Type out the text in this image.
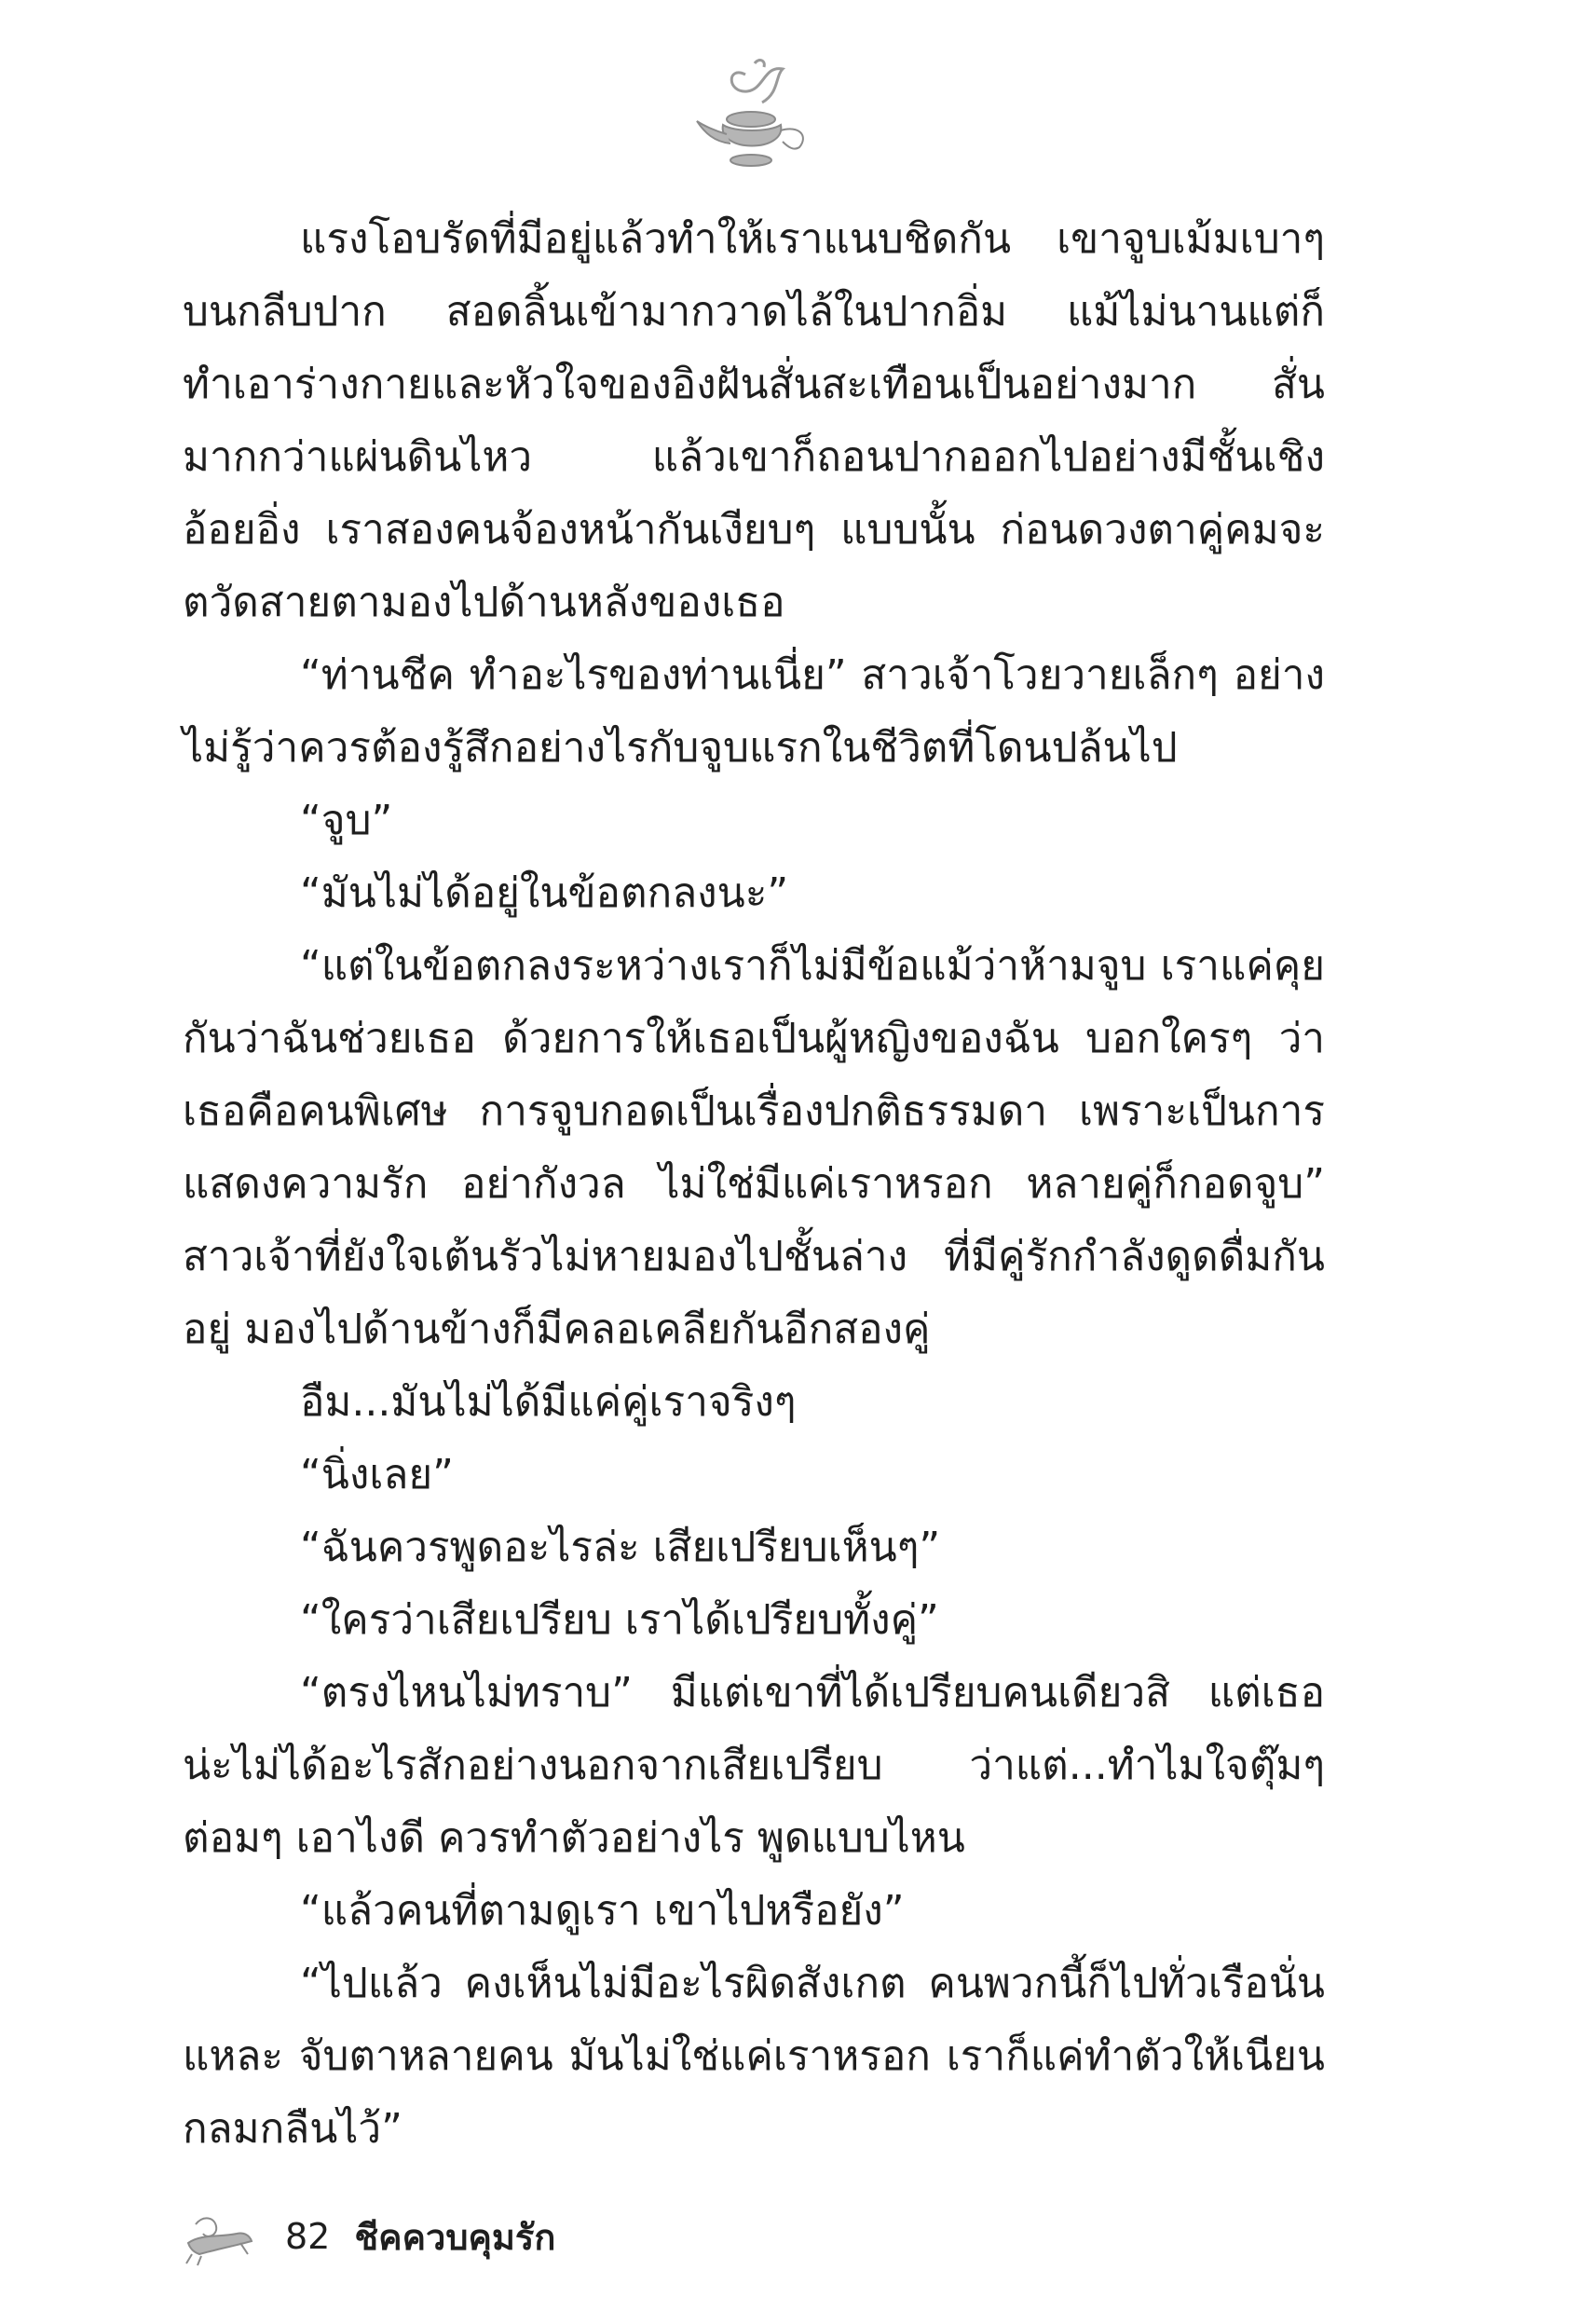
แรงโอบรัดที่มีอยู่แล้วทำให้เราแนบชิดกัน เขาจูบเม้มเบาๆ บนกลีบปาก สอดลิ้นเข้ามากวาดไล้ในปากอิ่ม แม้ไม่นานแต่ก็ทำเอาร่างกายและหัวใจของอิงฝันสั่นสะเทือนเป็นอย่างมาก สั่นมากกว่าแผ่นดินไหว แล้วเขาก็ถอนปากออกไปอย่างมีชั้นเชิงอ้อยอิ่ง เราสองคนจ้องหน้ากันเงียบๆ แบบนั้น ก่อนดวงตาคู่คมจะตวัดสายตามองไปด้านหลังของเธอ

“ท่านชีค ทำอะไรของท่านเนี่ย” สาวเจ้าโวยวายเล็กๆ อย่างไม่รู้ว่าควรต้องรู้สึกอย่างไรกับจูบแรกในชีวิตที่โดนปล้นไป

“จูบ”

“มันไม่ได้อยู่ในข้อตกลงนะ”

“แต่ในข้อตกลงระหว่างเราก็ไม่มีข้อแม้ว่าห้ามจูบ เราแค่คุยกันว่าฉันช่วยเธอ ด้วยการให้เธอเป็นผู้หญิงของฉัน บอกใครๆ ว่าเธอคือคนพิเศษ การจูบกอดเป็นเรื่องปกติธรรมดา เพราะเป็นการแสดงความรัก อย่ากังวล ไม่ใช่มีแค่เราหรอก หลายคู่ก็กอดจูบ” สาวเจ้าที่ยังใจเต้นรัวไม่หายมองไปชั้นล่าง ที่มีคู่รักกำลังดูดดื่มกันอยู่ มองไปด้านข้างก็มีคลอเคลียกันอีกสองคู่

อืม...มันไม่ได้มีแค่คู่เราจริงๆ

“นิ่งเลย”

“ฉันควรพูดอะไรล่ะ เสียเปรียบเห็นๆ”

“ใครว่าเสียเปรียบ เราได้เปรียบทั้งคู่”

“ตรงไหนไม่ทราบ” มีแต่เขาที่ได้เปรียบคนเดียวสิ แต่เธอน่ะไม่ได้อะไรสักอย่างนอกจากเสียเปรียบ ว่าแต่...ทำไมใจตุ๊มๆ ต่อมๆ เอาไงดี ควรทำตัวอย่างไร พูดแบบไหน

“แล้วคนที่ตามดูเรา เขาไปหรือยัง”

“ไปแล้ว คงเห็นไม่มีอะไรผิดสังเกต คนพวกนี้ก็ไปทั่วเรือนั่นแหละ จับตาหลายคน มันไม่ใช่แค่เราหรอก เราก็แค่ทำตัวให้เนียนกลมกลืนไว้”

82 ชีคควบคุมรัก
